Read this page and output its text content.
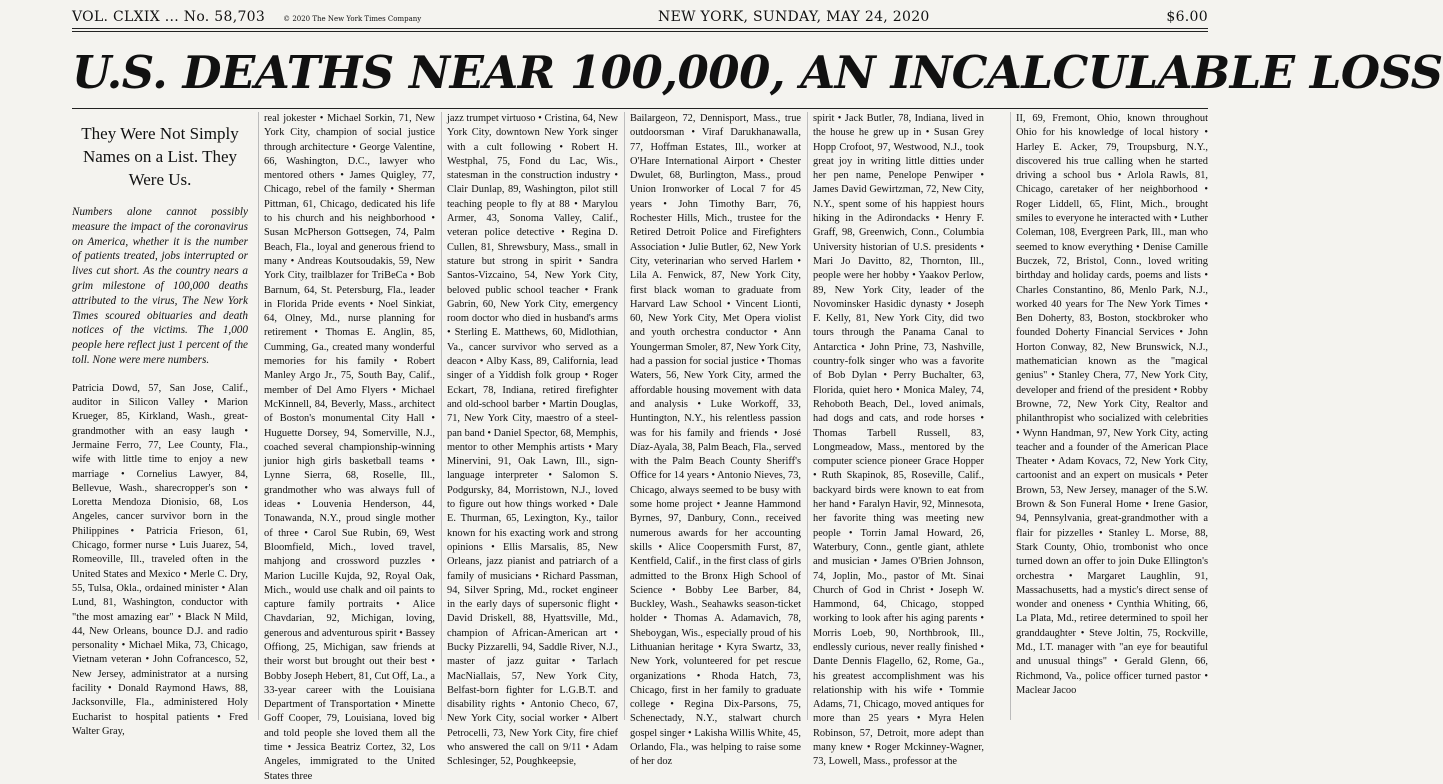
VOL. CLXIX ... No. 58,703	© 2020 The New York Times Company	NEW YORK, SUNDAY, MAY 24, 2020	$6.00
U.S. DEATHS NEAR 100,000, AN INCALCULABLE LOSS

They Were Not Simply Names on a List. They Were Us.

Numbers alone cannot possibly measure the impact of the coronavirus on America, whether it is the number of patients treated, jobs interrupted or lives cut short. As the country nears a grim milestone of 100,000 deaths attributed to the virus, The New York Times scoured obituaries and death notices of the victims. The 1,000 people here reflect just 1 percent of the toll. None were mere numbers.

Patricia Dowd, 57, San Jose, Calif., auditor in Silicon Valley • Marion Krueger, 85, Kirkland, Wash., great-grandmother with an easy laugh • Jermaine Ferro, 77, Lee County, Fla., wife with little time to enjoy a new marriage • Cornelius Lawyer, 84, Bellevue, Wash., sharecropper's son • Loretta Mendoza Dionisio, 68, Los Angeles, cancer survivor born in the Philippines • Patricia Frieson, 61, Chicago, former nurse • Luis Juarez, 54, Romeoville, Ill., traveled often in the United States and Mexico • Merle C. Dry, 55, Tulsa, Okla., ordained minister • Alan Lund, 81, Washington, conductor with "the most amazing ear" • Black N Mild, 44, New Orleans, bounce D.J. and radio personality • Michael Mika, 73, Chicago, Vietnam veteran • John Cofrancesco, 52, New Jersey, administrator at a nursing facility • Donald Raymond Haws, 88, Jacksonville, Fla., administered Holy Eucharist to hospital patients • Fred Walter Gray,
real jokester • Michael Sorkin, 71, New York City, champion of social justice through architecture • George Valentine, 66, Washington, D.C., lawyer who mentored others • James Quigley, 77, Chicago, rebel of the family • Sherman Pittman, 61, Chicago, dedicated his life to his church and his neighborhood • Susan McPherson Gottsegen, 74, Palm Beach, Fla., loyal and generous friend to many • Andreas Koutsoudakis, 59, New York City, trailblazer for TriBeCa • Bob Barnum, 64, St. Petersburg, Fla., leader in Florida Pride events • Noel Sinkiat, 64, Olney, Md., nurse planning for retirement • Thomas E. Anglin, 85, Cumming, Ga., created many wonderful memories for his family • Robert Manley Argo Jr., 75, South Bay, Calif., member of Del Amo Flyers • Michael McKinnell, 84, Beverly, Mass., architect of Boston's monumental City Hall • Huguette Dorsey, 94, Somerville, N.J., coached several championship-winning junior high girls basketball teams • Lynne Sierra, 68, Roselle, Ill., grandmother who was always full of ideas • Louvenia Henderson, 44, Tonawanda, N.Y., proud single mother of three • Carol Sue Rubin, 69, West Bloomfield, Mich., loved travel, mahjong and crossword puzzles • Marion Lucille Kujda, 92, Royal Oak, Mich., would use chalk and oil paints to capture family portraits • Alice Chavdarian, 92, Michigan, loving, generous and adventurous spirit • Bassey Offiong, 25, Michigan, saw friends at their worst but brought out their best • Bobby Joseph Hebert, 81, Cut Off, La., a 33-year career with the Louisiana Department of Transportation • Minette Goff Cooper, 79, Louisiana, loved big and told people she loved them all the time • Jessica Beatriz Cortez, 32, Los Angeles, immigrated to the United States three
jazz trumpet virtuoso • Cristina, 64, New York City, downtown New York singer with a cult following • Robert H. Westphal, 75, Fond du Lac, Wis., statesman in the construction industry • Clair Dunlap, 89, Washington, pilot still teaching people to fly at 88 • Marylou Armer, 43, Sonoma Valley, Calif., veteran police detective • Regina D. Cullen, 81, Shrewsbury, Mass., small in stature but strong in spirit • Sandra Santos-Vizcaino, 54, New York City, beloved public school teacher • Frank Gabrin, 60, New York City, emergency room doctor who died in husband's arms • Sterling E. Matthews, 60, Midlothian, Va., cancer survivor who served as a deacon • Alby Kass, 89, California, lead singer of a Yiddish folk group • Roger Eckart, 78, Indiana, retired firefighter and old-school barber • Martin Douglas, 71, New York City, maestro of a steel-pan band • Daniel Spector, 68, Memphis, mentor to other Memphis artists • Mary Minervini, 91, Oak Lawn, Ill., sign-language interpreter • Salomon S. Podgursky, 84, Morristown, N.J., loved to figure out how things worked • Dale E. Thurman, 65, Lexington, Ky., tailor known for his exacting work and strong opinions • Ellis Marsalis, 85, New Orleans, jazz pianist and patriarch of a family of musicians • Richard Passman, 94, Silver Spring, Md., rocket engineer in the early days of supersonic flight • David Driskell, 88, Hyattsville, Md., champion of African-American art • Bucky Pizzarelli, 94, Saddle River, N.J., master of jazz guitar • Tarlach MacNiallais, 57, New York City, Belfast-born fighter for L.G.B.T. and disability rights • Antonio Checo, 67, New York City, social worker • Albert Petrocelli, 73, New York City, fire chief who answered the call on 9/11 • Adam Schlesinger, 52, Poughkeepsie,
Bailargeon, 72, Dennisport, Mass., true outdoorsman • Viraf Darukhanawalla, 77, Hoffman Estates, Ill., worker at O'Hare International Airport • Chester Dwulet, 68, Burlington, Mass., proud Union Ironworker of Local 7 for 45 years • John Timothy Barr, 76, Rochester Hills, Mich., trustee for the Retired Detroit Police and Firefighters Association • Julie Butler, 62, New York City, veterinarian who served Harlem • Lila A. Fenwick, 87, New York City, first black woman to graduate from Harvard Law School • Vincent Lionti, 60, New York City, Met Opera violist and youth orchestra conductor • Ann Youngerman Smoler, 87, New York City, had a passion for social justice • Thomas Waters, 56, New York City, armed the affordable housing movement with data and analysis • Luke Workoff, 33, Huntington, N.Y., his relentless passion was for his family and friends • José Díaz-Ayala, 38, Palm Beach, Fla., served with the Palm Beach County Sheriff's Office for 14 years • Antonio Nieves, 73, Chicago, always seemed to be busy with some home project • Jeanne Hammond Byrnes, 97, Danbury, Conn., received numerous awards for her accounting skills • Alice Coopersmith Furst, 87, Kentfield, Calif., in the first class of girls admitted to the Bronx High School of Science • Bobby Lee Barber, 84, Buckley, Wash., Seahawks season-ticket holder • Thomas A. Adamavich, 78, Sheboygan, Wis., especially proud of his Lithuanian heritage • Kyra Swartz, 33, New York, volunteered for pet rescue organizations • Rhoda Hatch, 73, Chicago, first in her family to graduate college • Regina Dix-Parsons, 75, Schenectady, N.Y., stalwart church gospel singer • Lakisha Willis White, 45, Orlando, Fla., was helping to raise some of her doz
spirit • Jack Butler, 78, Indiana, lived in the house he grew up in • Susan Grey Hopp Crofoot, 97, Westwood, N.J., took great joy in writing little ditties under her pen name, Penelope Penwiper • James David Gewirtzman, 72, New City, N.Y., spent some of his happiest hours hiking in the Adirondacks • Henry F. Graff, 98, Greenwich, Conn., Columbia University historian of U.S. presidents • Mari Jo Davitto, 82, Thornton, Ill., people were her hobby • Yaakov Perlow, 89, New York City, leader of the Novominsker Hasidic dynasty • Joseph F. Kelly, 81, New York City, did two tours through the Panama Canal to Antarctica • John Prine, 73, Nashville, country-folk singer who was a favorite of Bob Dylan • Perry Buchalter, 63, Florida, quiet hero • Monica Maley, 74, Rehoboth Beach, Del., loved animals, had dogs and cats, and rode horses • Thomas Tarbell Russell, 83, Longmeadow, Mass., mentored by the computer science pioneer Grace Hopper • Ruth Skapinok, 85, Roseville, Calif., backyard birds were known to eat from her hand • Faralyn Havir, 92, Minnesota, her favorite thing was meeting new people • Torrin Jamal Howard, 26, Waterbury, Conn., gentle giant, athlete and musician • James O'Brien Johnson, 74, Joplin, Mo., pastor of Mt. Sinai Church of God in Christ • Joseph W. Hammond, 64, Chicago, stopped working to look after his aging parents • Morris Loeb, 90, Northbrook, Ill., endlessly curious, never really finished • Dante Dennis Flagello, 62, Rome, Ga., his greatest accomplishment was his relationship with his wife • Tommie Adams, 71, Chicago, moved antiques for more than 25 years • Myra Helen Robinson, 57, Detroit, more adept than many knew • Roger Mckinney-Wagner, 73, Lowell, Mass., professor at the
II, 69, Fremont, Ohio, known throughout Ohio for his knowledge of local history • Harley E. Acker, 79, Troupsburg, N.Y., discovered his true calling when he started driving a school bus • Arlola Rawls, 81, Chicago, caretaker of her neighborhood • Roger Liddell, 65, Flint, Mich., brought smiles to everyone he interacted with • Luther Coleman, 108, Evergreen Park, Ill., man who seemed to know everything • Denise Camille Buczek, 72, Bristol, Conn., loved writing birthday and holiday cards, poems and lists • Charles Constantino, 86, Menlo Park, N.J., worked 40 years for The New York Times • Ben Doherty, 83, Boston, stockbroker who founded Doherty Financial Services • John Horton Conway, 82, New Brunswick, N.J., mathematician known as the "magical genius" • Stanley Chera, 77, New York City, developer and friend of the president • Robby Browne, 72, New York City, Realtor and philanthropist who socialized with celebrities • Wynn Handman, 97, New York City, acting teacher and a founder of the American Place Theater • Adam Kovacs, 72, New York City, cartoonist and an expert on musicals • Peter Brown, 53, New Jersey, manager of the S.W. Brown & Son Funeral Home • Irene Gasior, 94, Pennsylvania, great-grandmother with a flair for pizzelles • Stanley L. Morse, 88, Stark County, Ohio, trombonist who once turned down an offer to join Duke Ellington's orchestra • Margaret Laughlin, 91, Massachusetts, had a mystic's direct sense of wonder and oneness • Cynthia Whiting, 66, La Plata, Md., retiree determined to spoil her granddaughter • Steve Joltin, 75, Rockville, Md., I.T. manager with "an eye for beautiful and unusual things" • Gerald Glenn, 66, Richmond, Va., police officer turned pastor • Maclear Jacoo
